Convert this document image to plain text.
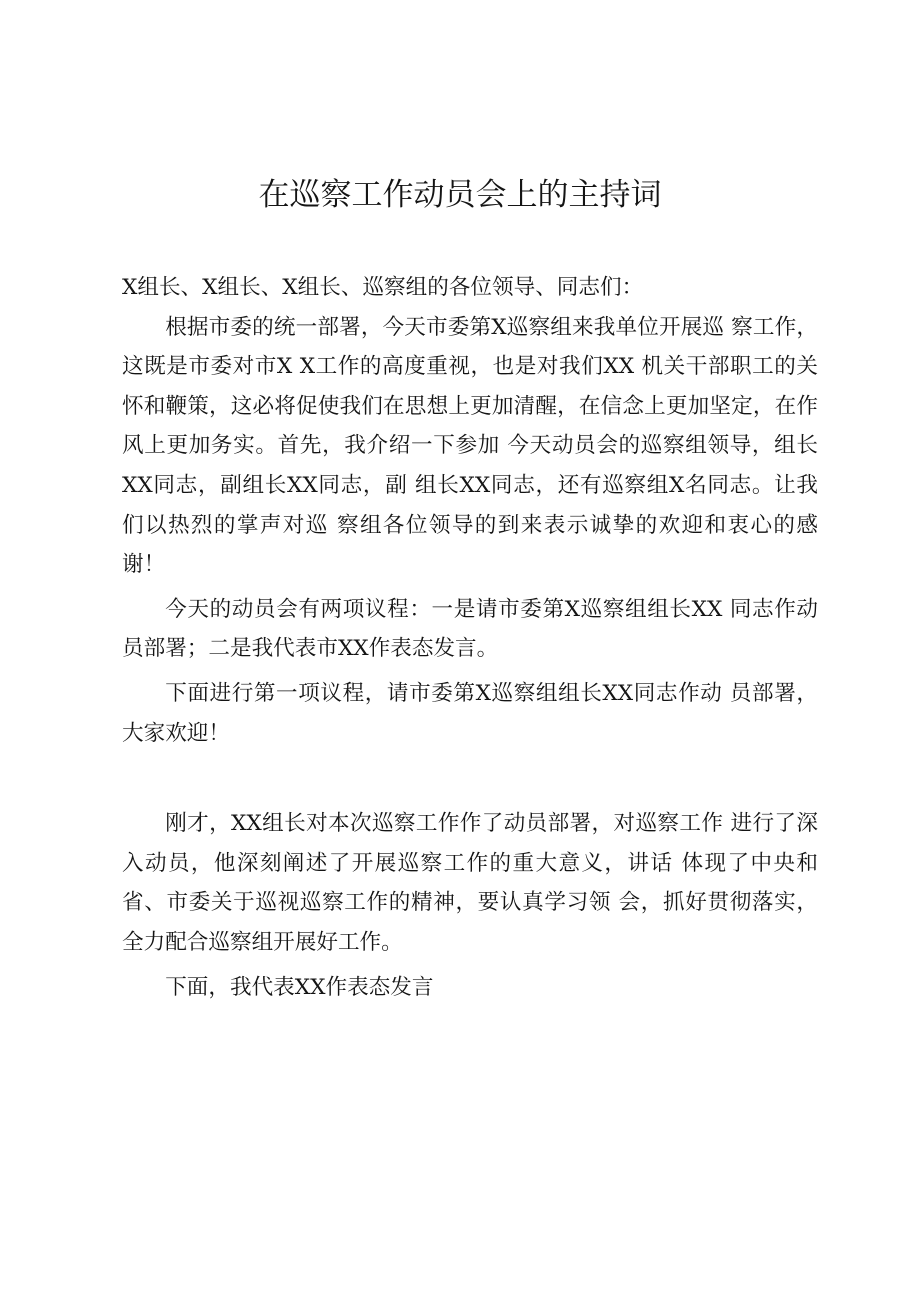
在巡察工作动员会上的主持词

X组长、X组长、X组长、巡察组的各位领导、同志们：

根据市委的统一部署，今天市委第X巡察组来我单位开展巡 察工作，这既是市委对市X X工作的高度重视，也是对我们XX 机关干部职工的关怀和鞭策，这必将促使我们在思想上更加清醒，在信念上更加坚定，在作风上更加务实。首先，我介绍一下参加 今天动员会的巡察组领导，组长XX同志，副组长XX同志，副 组长XX同志，还有巡察组X名同志。让我们以热烈的掌声对巡 察组各位领导的到来表示诚挚的欢迎和衷心的感谢！

今天的动员会有两项议程：一是请市委第X巡察组组长XX 同志作动员部署；二是我代表市XX作表态发言。

下面进行第一项议程，请市委第X巡察组组长XX同志作动 员部署，大家欢迎！

刚才，XX组长对本次巡察工作作了动员部署，对巡察工作 进行了深入动员，他深刻阐述了开展巡察工作的重大意义，讲话 体现了中央和省、市委关于巡视巡察工作的精神，要认真学习领 会，抓好贯彻落实，全力配合巡察组开展好工作。

下面，我代表XX作表态发言
